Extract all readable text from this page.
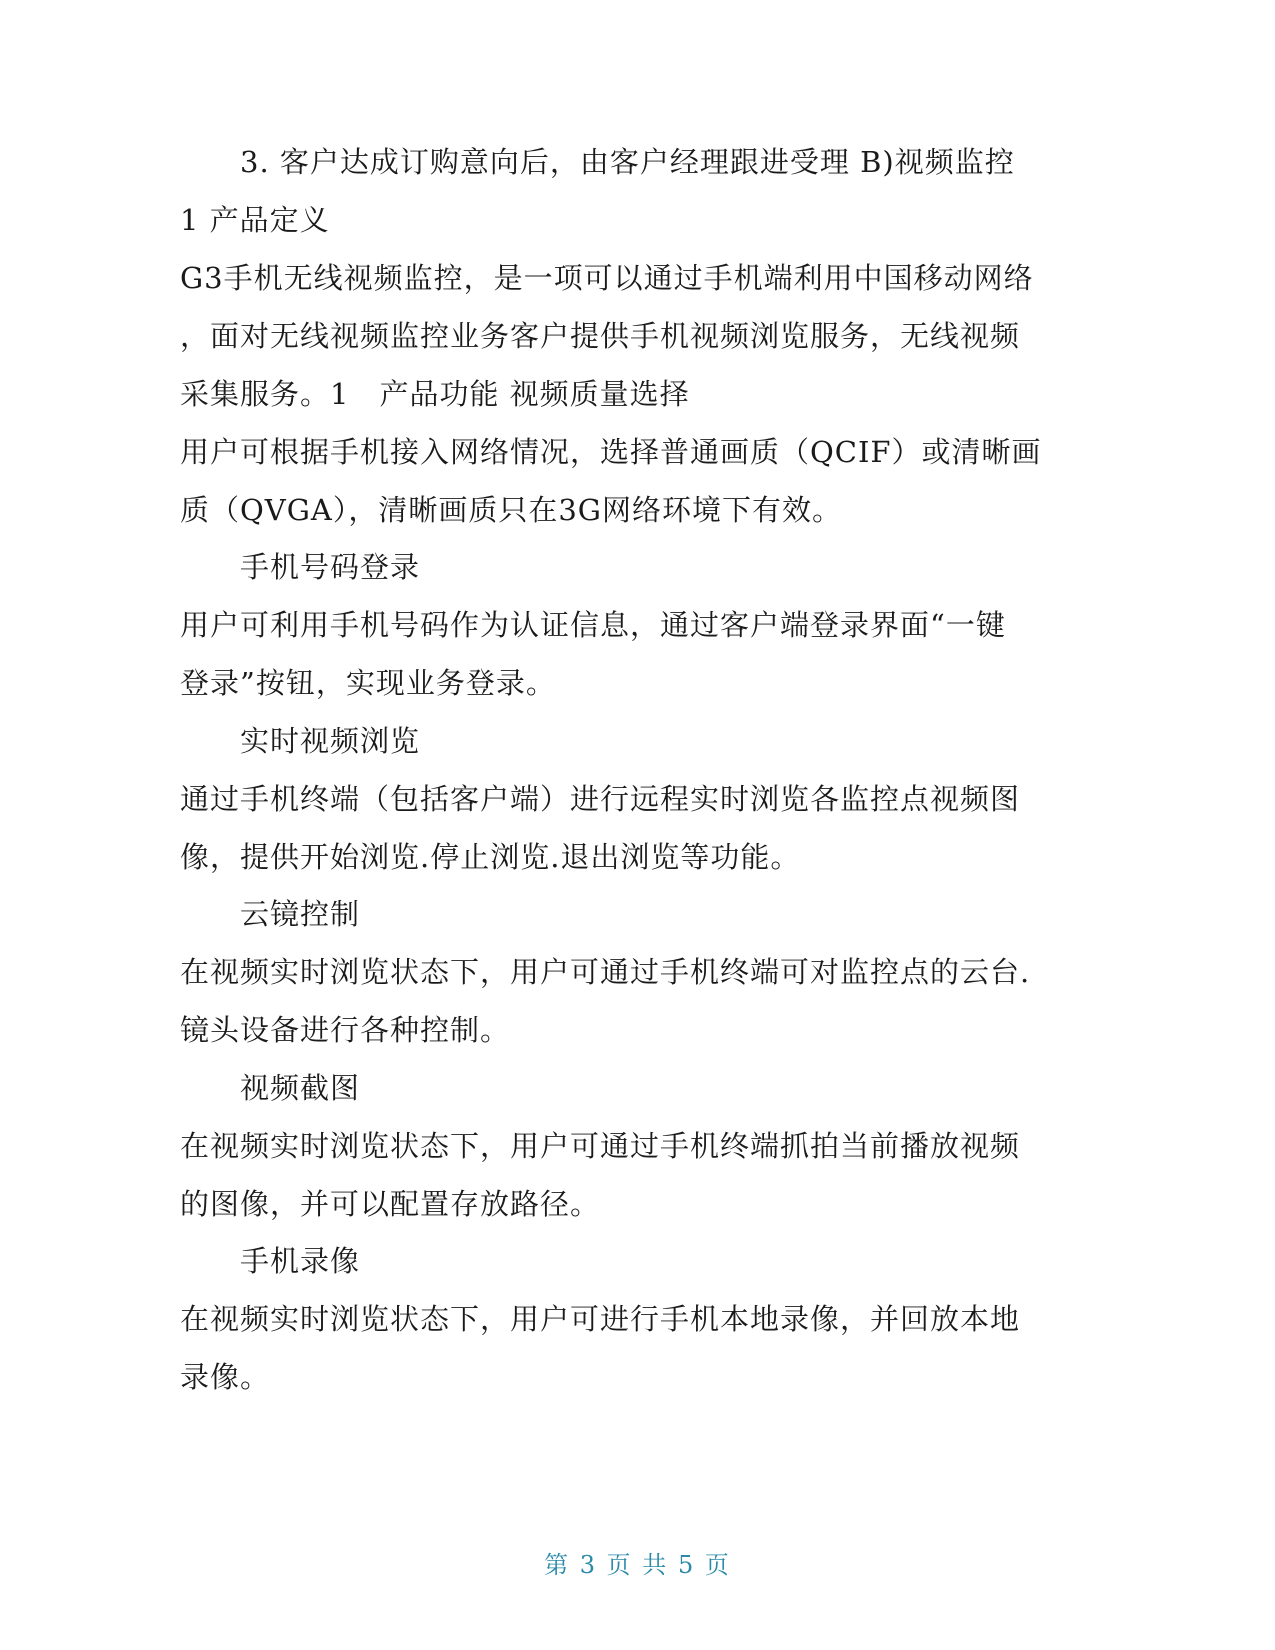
3. 客户达成订购意向后，由客户经理跟进受理 B)视频监控
1 产品定义
G3手机无线视频监控，是一项可以通过手机端利用中国移动网络
，面对无线视频监控业务客户提供手机视频浏览服务，无线视频
采集服务。1　产品功能 视频质量选择
用户可根据手机接入网络情况，选择普通画质（QCIF）或清晰画
质（QVGA），清晰画质只在3G网络环境下有效。
手机号码登录
用户可利用手机号码作为认证信息，通过客户端登录界面“一键
登录”按钮，实现业务登录。
实时视频浏览
通过手机终端（包括客户端）进行远程实时浏览各监控点视频图
像，提供开始浏览.停止浏览.退出浏览等功能。
云镜控制
在视频实时浏览状态下，用户可通过手机终端可对监控点的云台.
镜头设备进行各种控制。
视频截图
在视频实时浏览状态下，用户可通过手机终端抓拍当前播放视频
的图像，并可以配置存放路径。
手机录像
在视频实时浏览状态下，用户可进行手机本地录像，并回放本地
录像。
第 3 页 共 5 页
